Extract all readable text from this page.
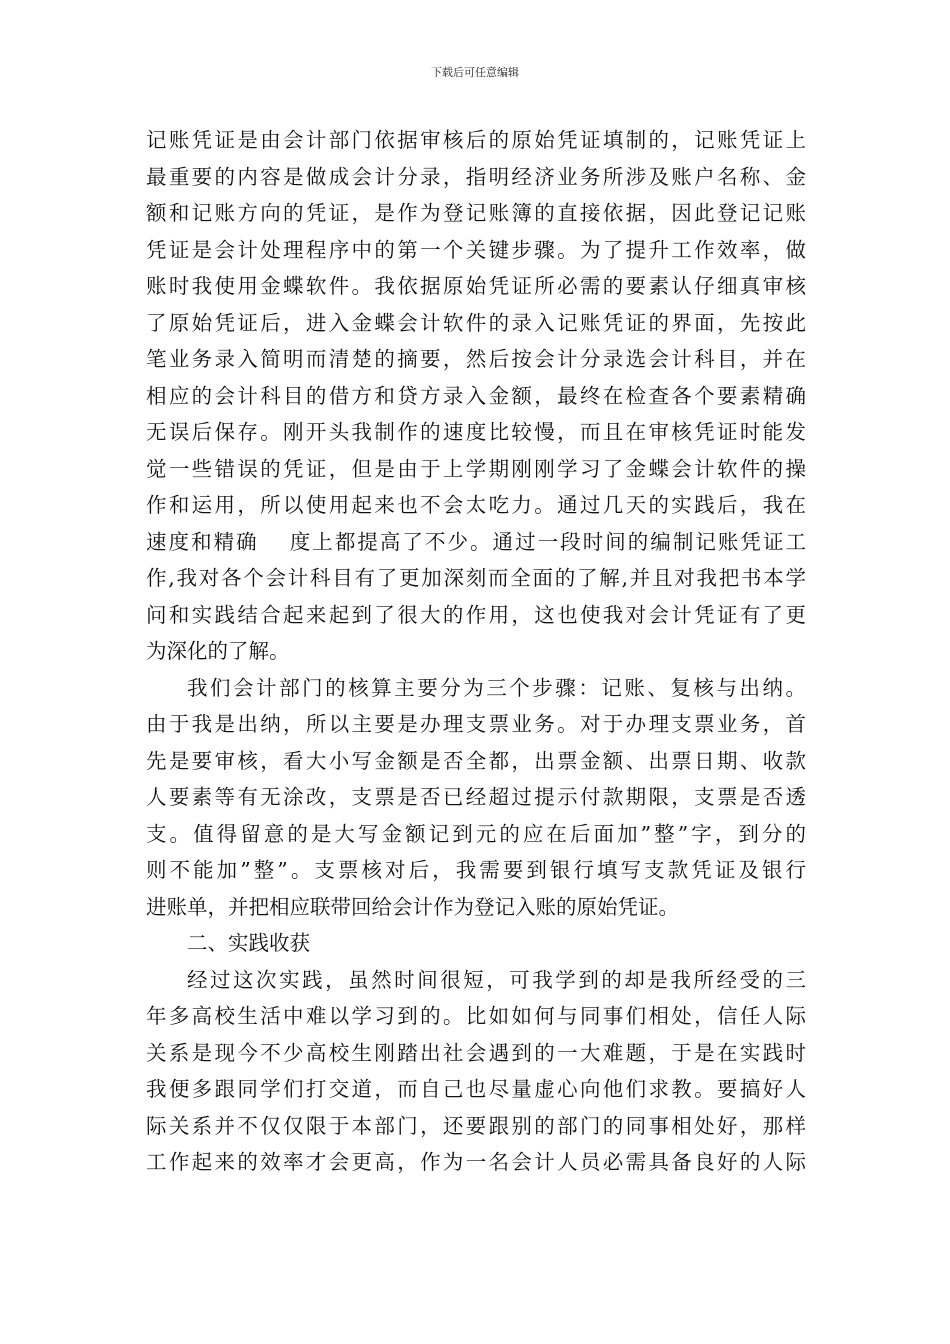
下载后可任意编辑
记账凭证是由会计部门依据审核后的原始凭证填制的，记账凭证上
最重要的内容是做成会计分录，指明经济业务所涉及账户名称、金
额和记账方向的凭证，是作为登记账簿的直接依据，因此登记记账
凭证是会计处理程序中的第一个关键步骤。为了提升工作效率，做
账时我使用金蝶软件。我依据原始凭证所必需的要素认仔细真审核
了原始凭证后，进入金蝶会计软件的录入记账凭证的界面，先按此
笔业务录入简明而清楚的摘要，然后按会计分录选会计科目，并在
相应的会计科目的借方和贷方录入金额，最终在检查各个要素精确
无误后保存。刚开头我制作的速度比较慢，而且在审核凭证时能发
觉一些错误的凭证，但是由于上学期刚刚学习了金蝶会计软件的操
作和运用，所以使用起来也不会太吃力。通过几天的实践后，我在
速度和精确　 度上都提高了不少。通过一段时间的编制记账凭证工
作,我对各个会计科目有了更加深刻而全面的了解,并且对我把书本学
问和实践结合起来起到了很大的作用，这也使我对会计凭证有了更
为深化的了解。
我们会计部门的核算主要分为三个步骤：记账、复核与出纳。
由于我是出纳，所以主要是办理支票业务。对于办理支票业务，首
先是要审核，看大小写金额是否全都，出票金额、出票日期、收款
人要素等有无涂改，支票是否已经超过提示付款期限，支票是否透
支。值得留意的是大写金额记到元的应在后面加”整”字，到分的
则不能加”整”。支票核对后，我需要到银行填写支款凭证及银行
进账单，并把相应联带回给会计作为登记入账的原始凭证。
二、实践收获
经过这次实践，虽然时间很短，可我学到的却是我所经受的三
年多高校生活中难以学习到的。比如如何与同事们相处，信任人际
关系是现今不少高校生刚踏出社会遇到的一大难题，于是在实践时
我便多跟同学们打交道，而自己也尽量虚心向他们求教。要搞好人
际关系并不仅仅限于本部门，还要跟别的部门的同事相处好，那样
工作起来的效率才会更高，作为一名会计人员必需具备良好的人际
